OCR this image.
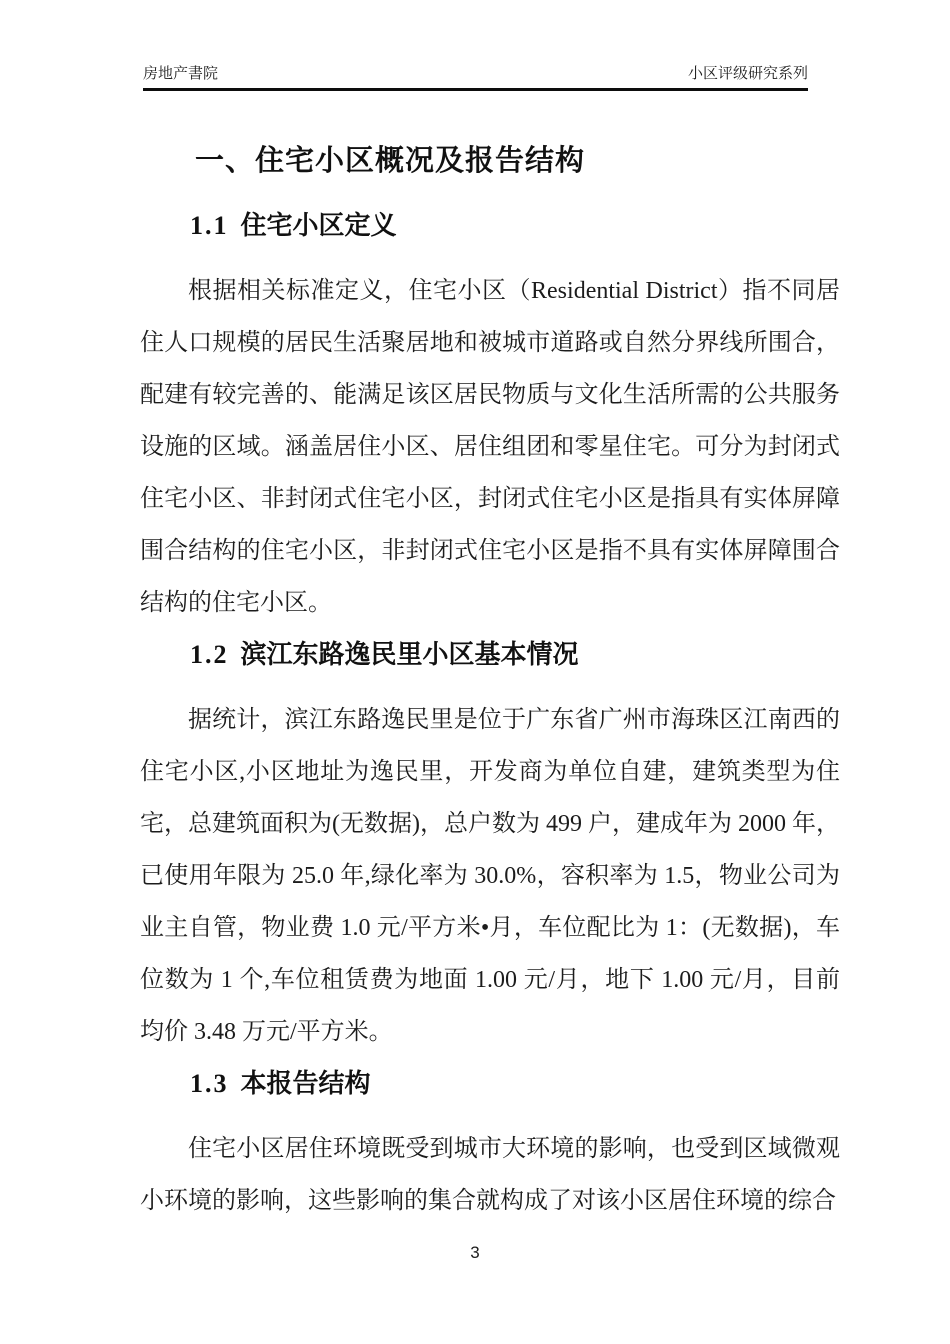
房地产書院	小区评级研究系列
一、住宅小区概况及报告结构
1.1 住宅小区定义

根据相关标准定义，住宅小区（Residential District）指不同居住人口规模的居民生活聚居地和被城市道路或自然分界线所围合，配建有较完善的、能满足该区居民物质与文化生活所需的公共服务设施的区域。涵盖居住小区、居住组团和零星住宅。可分为封闭式住宅小区、非封闭式住宅小区，封闭式住宅小区是指具有实体屏障围合结构的住宅小区，非封闭式住宅小区是指不具有实体屏障围合结构的住宅小区。

1.2 滨江东路逸民里小区基本情况

据统计，滨江东路逸民里是位于广东省广州市海珠区江南西的住宅小区,小区地址为逸民里，开发商为单位自建，建筑类型为住宅，总建筑面积为(无数据)，总户数为 499 户，建成年为 2000 年，已使用年限为 25.0 年,绿化率为 30.0%，容积率为 1.5，物业公司为业主自管，物业费 1.0 元/平方米•月，车位配比为 1：(无数据)，车位数为 1 个,车位租赁费为地面 1.00 元/月，地下 1.00 元/月，目前均价 3.48 万元/平方米。

1.3 本报告结构

住宅小区居住环境既受到城市大环境的影响，也受到区域微观小环境的影响，这些影响的集合就构成了对该小区居住环境的综合

3
